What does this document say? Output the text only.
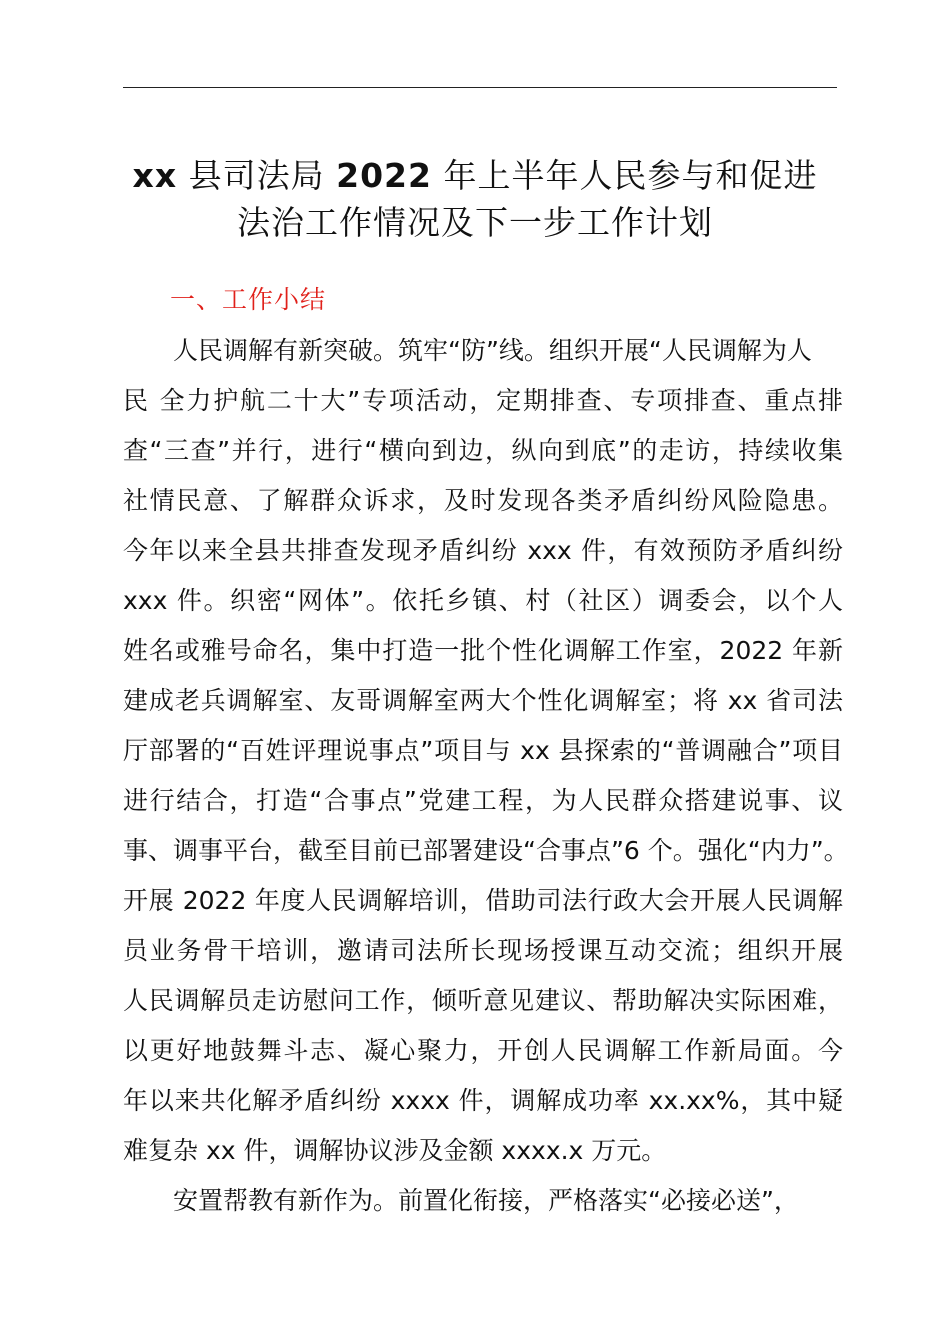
xx 县司法局 2022 年上半年人民参与和促进
法治工作情况及下一步工作计划
一、工作小结
人民调解有新突破。筑牢“防”线。组织开展“人民调解为人
民 全力护航二十大”专项活动，定期排查、专项排查、重点排
查“三查”并行，进行“横向到边，纵向到底”的走访，持续收集
社情民意、了解群众诉求，及时发现各类矛盾纠纷风险隐患。
今年以来全县共排查发现矛盾纠纷 xxx 件，有效预防矛盾纠纷
xxx 件。织密“网体”。依托乡镇、村（社区）调委会，以个人
姓名或雅号命名，集中打造一批个性化调解工作室，2022 年新
建成老兵调解室、友哥调解室两大个性化调解室；将 xx 省司法
厅部署的“百姓评理说事点”项目与 xx 县探索的“普调融合”项目
进行结合，打造“合事点”党建工程，为人民群众搭建说事、议
事、调事平台，截至目前已部署建设“合事点”6 个。强化“内力”。
开展 2022 年度人民调解培训，借助司法行政大会开展人民调解
员业务骨干培训，邀请司法所长现场授课互动交流；组织开展
人民调解员走访慰问工作，倾听意见建议、帮助解决实际困难，
以更好地鼓舞斗志、凝心聚力，开创人民调解工作新局面。今
年以来共化解矛盾纠纷 xxxx 件，调解成功率 xx.xx%，其中疑
难复杂 xx 件，调解协议涉及金额 xxxx.x 万元。
安置帮教有新作为。前置化衔接，严格落实“必接必送”，
